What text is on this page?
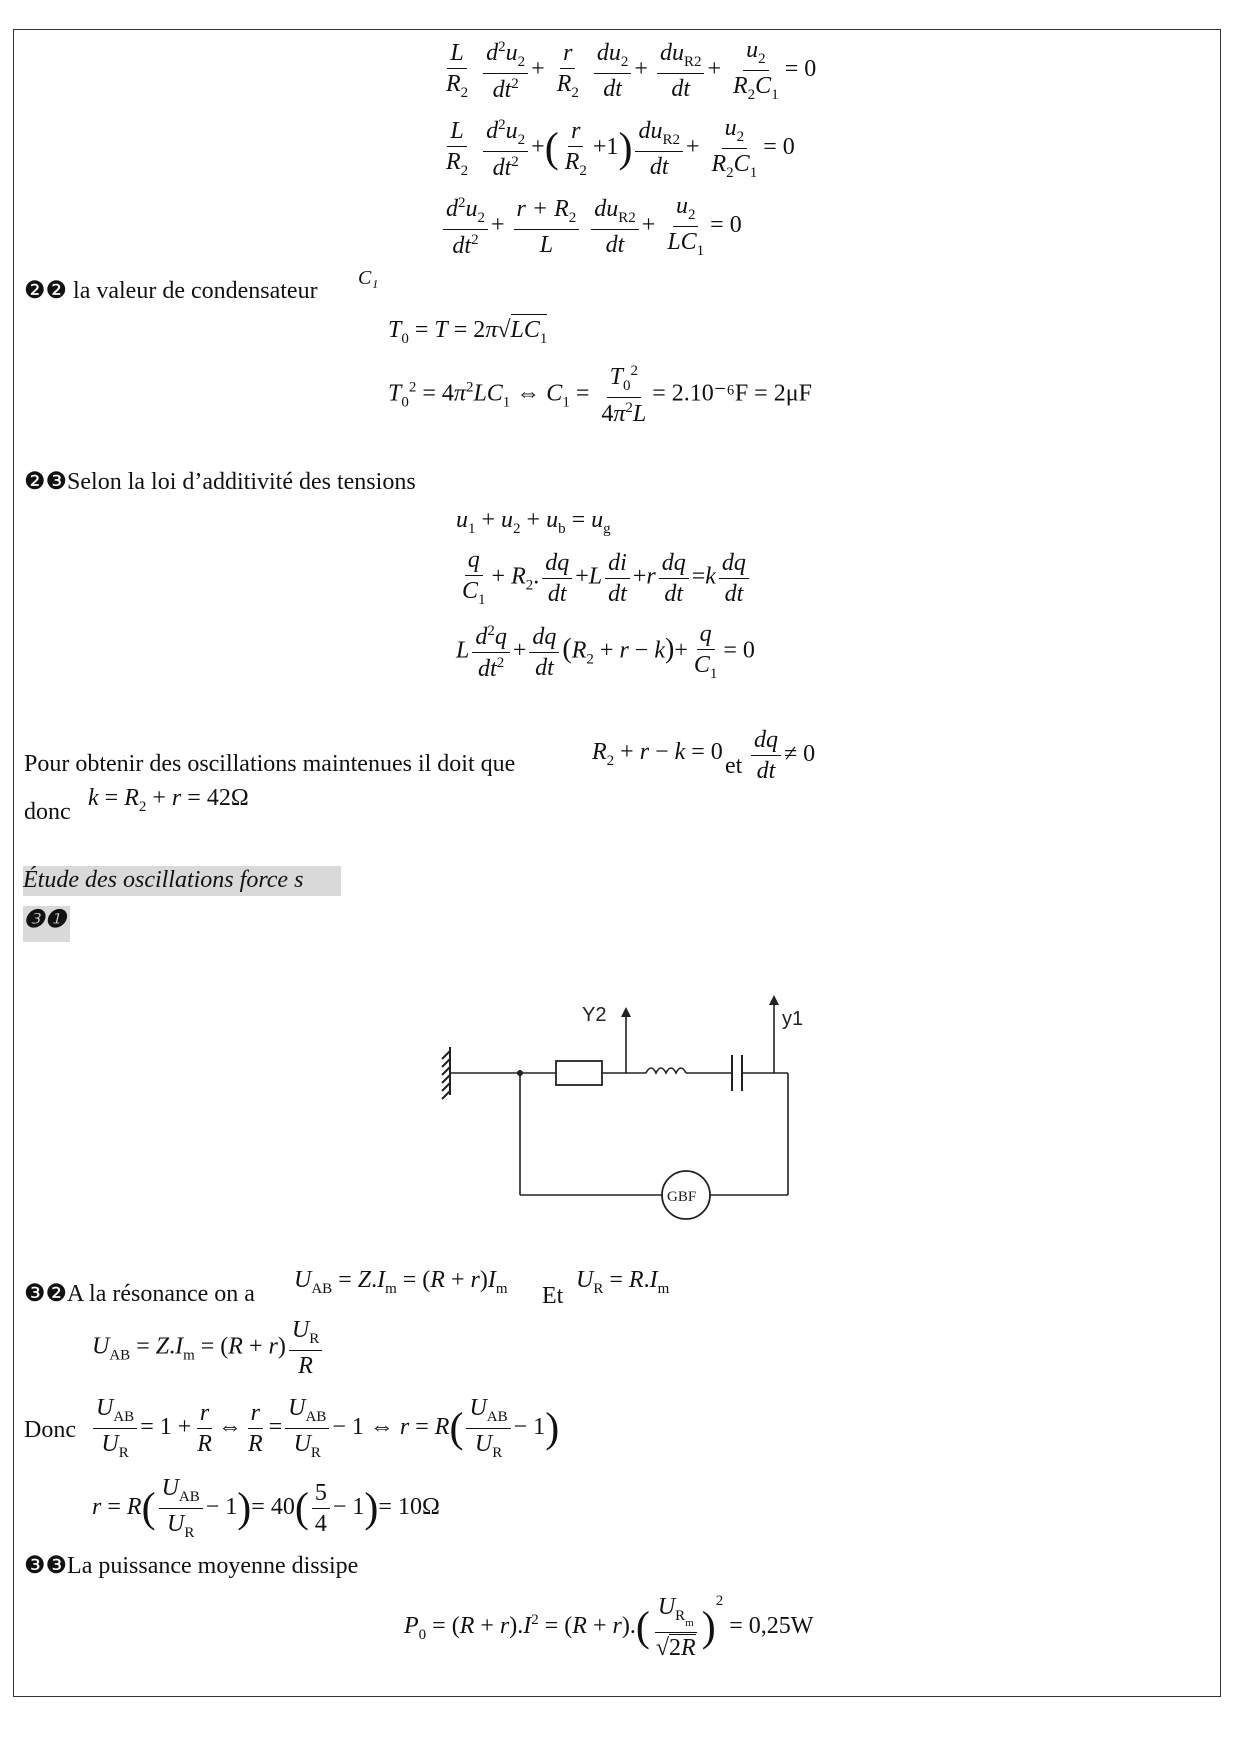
$\frac{L}{R_2}$
$\frac{d^2u_2}{dt^2} + \frac{r}{R_2}$
$\frac{du_2}{dt} + \frac{du_{R2}}{dt} + \frac{u_2}{R_2C_1} = 0$
$\frac{L}{R_2}$
$\frac{d^2u_2}{dt^2}$ +( $\frac{r}{R_2} +1) \frac{du_{R2}}{dt} + \frac{u_2}{R_2C_1} = 0$
$\frac{d^2u_2}{dt^2} + \frac{r + R_2}{L}$
$\frac{du_{R2}}{dt} + \frac{u_2}{LC_1} = 0$
❷❷ la valeur de condensateur C₁
$T_0 = T = 2\pi√LC_1$
$T_0^2 = 4\pi^2LC_1$ ⇔ $C_1 = \frac{T_0^2}{4\pi^2L} = 2.10^{-6}F = 2\mu F$
❷❸Selon la loi d’additivité des tensions
$u_1 + u_2 + u_b = u_g$
$\frac{q}{C_1} + R_2$. $\frac{dq}{dt} +L \frac{di}{dt} +r \frac{dq}{dt} =k \frac{dq}{dt}$
L $\frac{d^2q}{dt^2} + \frac{dq}{dt} (R_2 + r - k)+ \frac{q}{C_1} = 0$
Pour obtenir des oscillations maintenues il doit que	$R_2 + r - k = 0$
et $\frac{dq}{dt} \ne 0$
donc
$k = R_2 + r = 42\Omega$
Étude des oscillations force s
❸❶
Y2	y1
GBF
❸❷A la résonance on a
$U_{AB} = Z.I_m = (R + r)I_m$ Et
$U_R = R.I_m$
$U_{AB} = Z.I_m = (R + r) \frac{U_R}{R}$
Donc $\frac{U_{AB}}{U_R} = 1 + \frac{r}{R}$ ⇔ $\frac{r}{R} = \frac{U_{AB}}{U_R} - 1$ ⇔ $r = R( \frac{U_{AB}}{U_R} - 1)$
$r = R( \frac{U_{AB}}{U_R} - 1)= 40( \frac{5}{4} - 1)= 10\Omega$
❸❸La puissance moyenne dissipe
$P_0 = (R + r).I^2 = (R + r).( \frac{U_{R_m}}{√2R} )^2 = 0,25W$
